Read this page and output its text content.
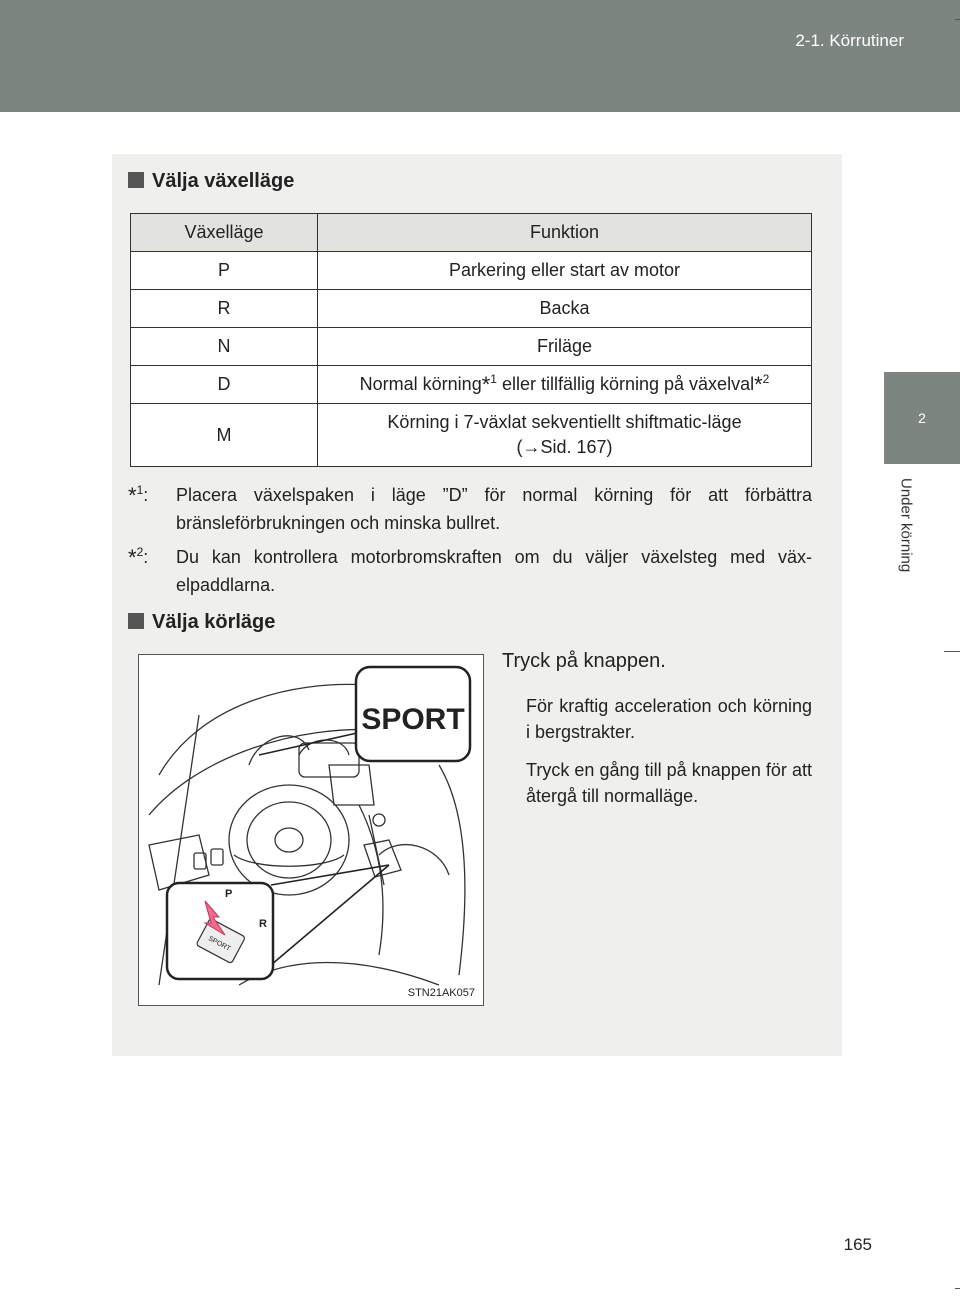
2-1. Körrutiner
2
Under körning
Välja växelläge
Växelläge	Funktion
P	Parkering eller start av motor
R	Backa
N	Friläge
D	Normal körning*$^1$ eller tillfällig körning på växelval*$^2$
M	Körning i 7-växlat sekventiellt shiftmatic-läge
(→Sid. 167)
*$^1$: Placera växelspaken i läge ”D” för normal körning för att förbättra bränsleförbrukningen och minska bullret.
*$^2$: Du kan kontrollera motorbromskraften om du väljer växelsteg med väx-elpaddlarna.
Välja körläge
SPORT
SPORT
P
R
STN21AK057
Tryck på knappen.
För kraftig acceleration och körning i bergstrakter.
Tryck en gång till på knappen för att återgå till normalläge.
165
